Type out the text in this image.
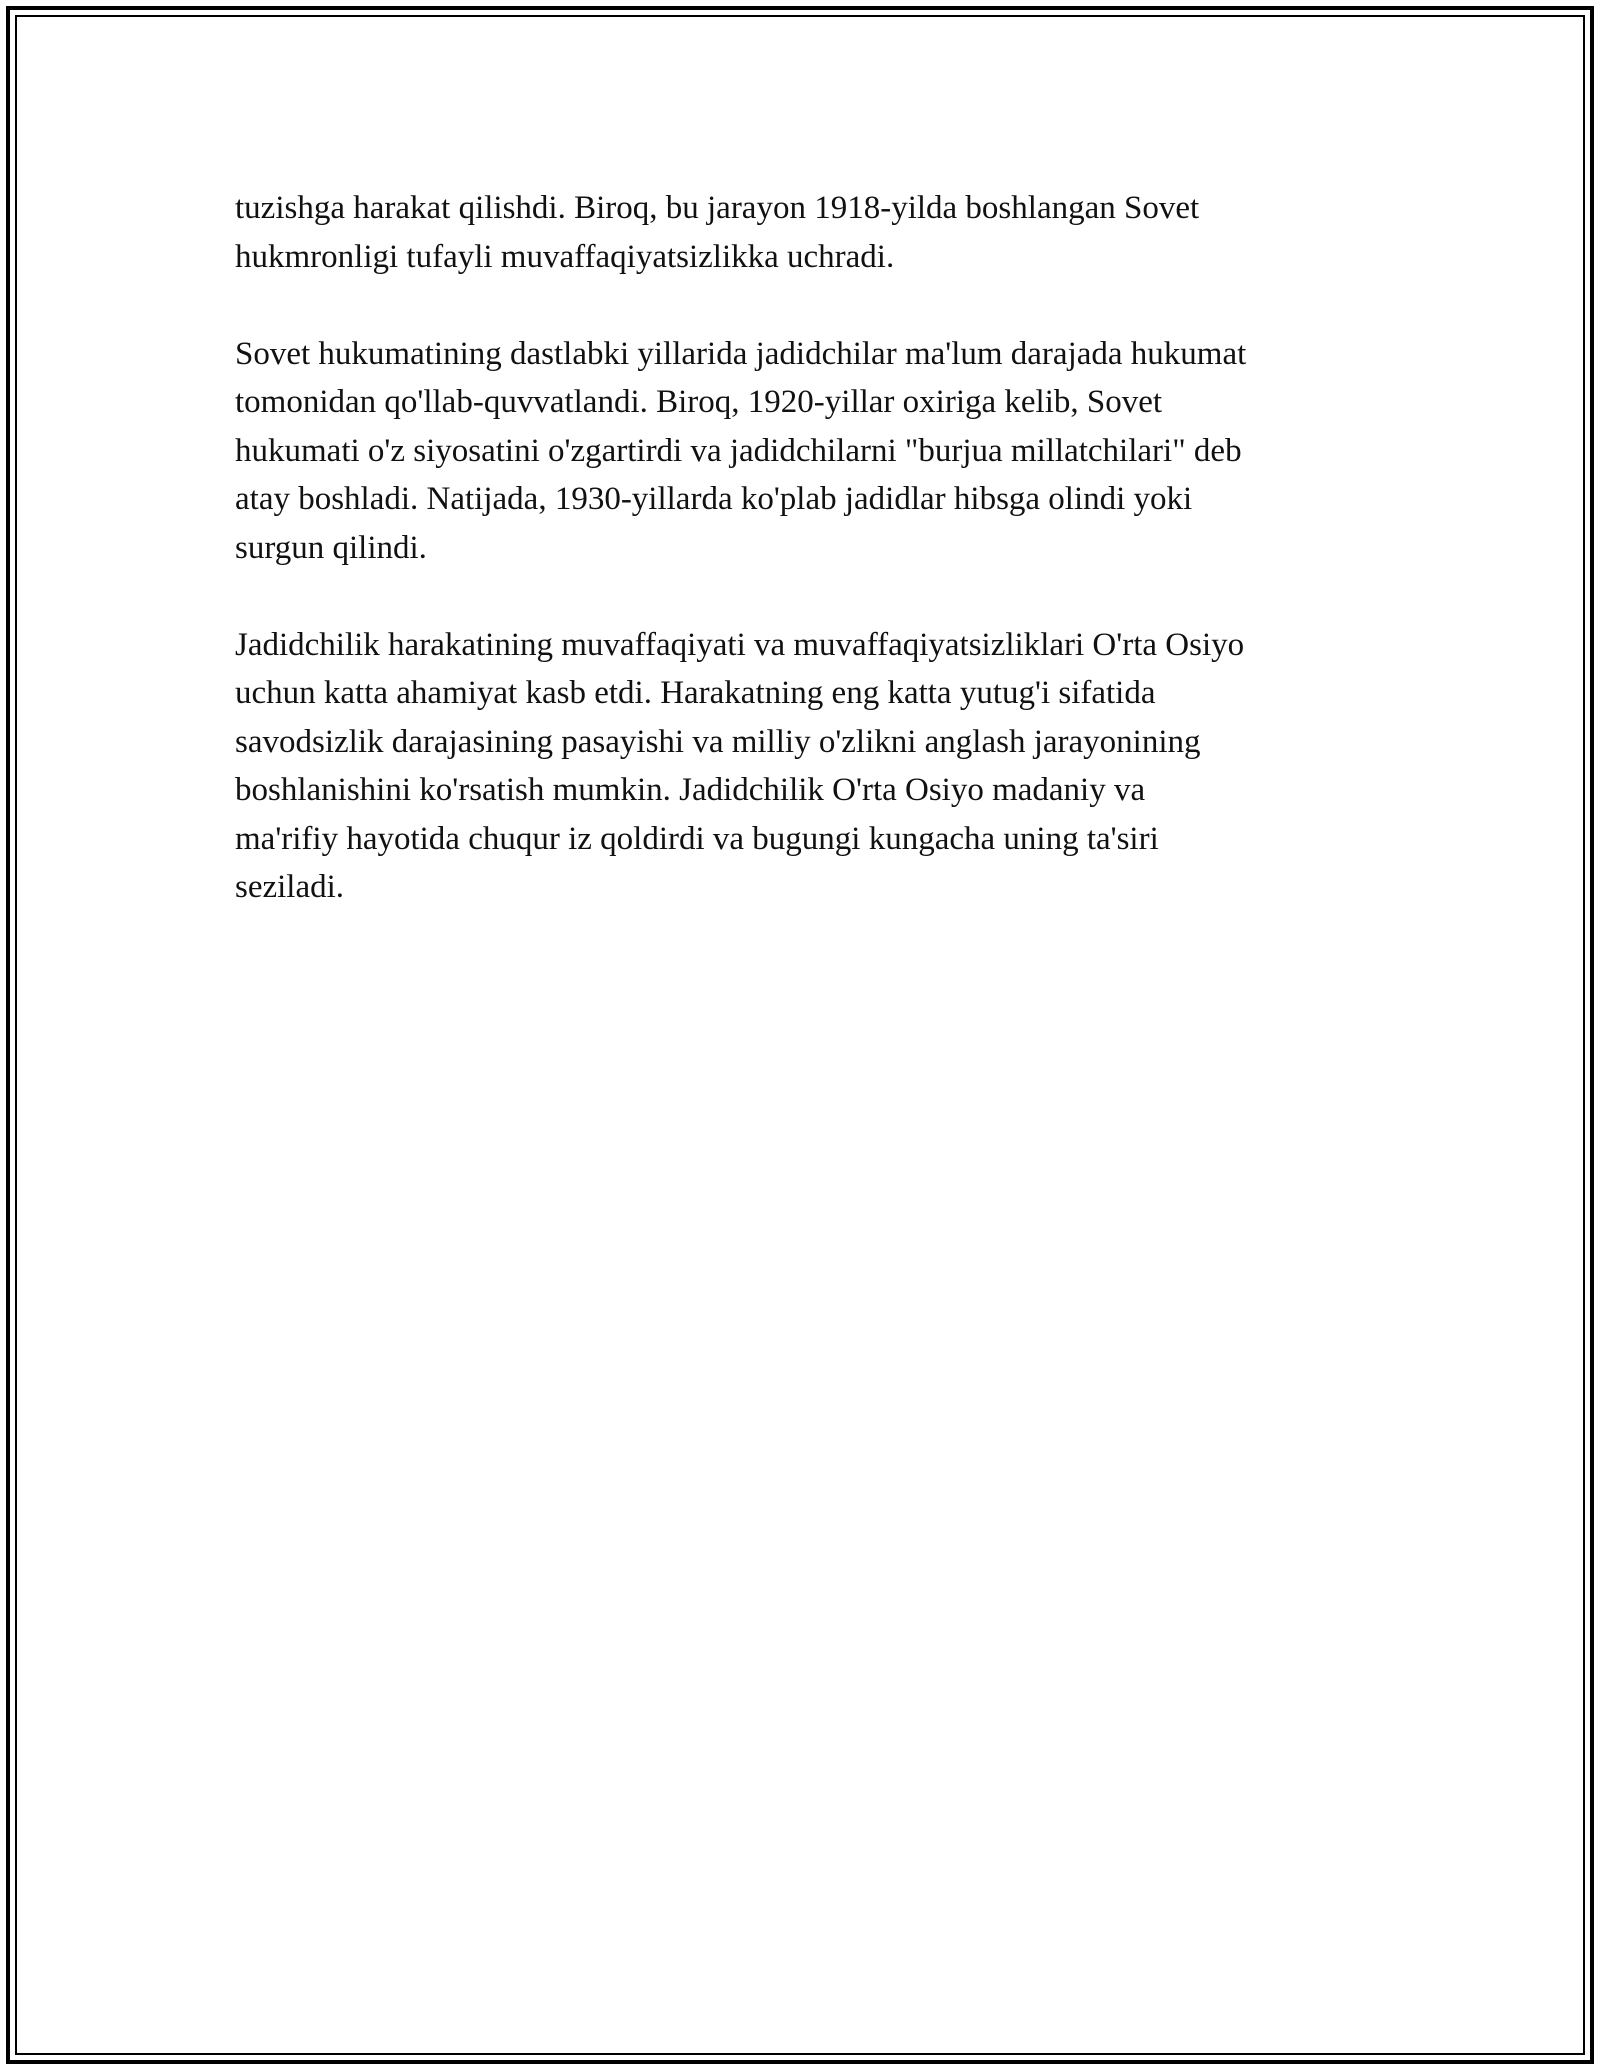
tuzishga harakat qilishdi. Biroq, bu jarayon 1918-yilda boshlangan Sovet
hukmronligi tufayli muvaffaqiyatsizlikka uchradi.

Sovet hukumatining dastlabki yillarida jadidchilar ma'lum darajada hukumat
tomonidan qo'llab-quvvatlandi. Biroq, 1920-yillar oxiriga kelib, Sovet
hukumati o'z siyosatini o'zgartirdi va jadidchilarni "burjua millatchilari" deb
atay boshladi. Natijada, 1930-yillarda ko'plab jadidlar hibsga olindi yoki
surgun qilindi.

Jadidchilik harakatining muvaffaqiyati va muvaffaqiyatsizliklari O'rta Osiyo
uchun katta ahamiyat kasb etdi. Harakatning eng katta yutug'i sifatida
savodsizlik darajasining pasayishi va milliy o'zlikni anglash jarayonining
boshlanishini ko'rsatish mumkin. Jadidchilik O'rta Osiyo madaniy va
ma'rifiy hayotida chuqur iz qoldirdi va bugungi kungacha uning ta'siri
seziladi.
